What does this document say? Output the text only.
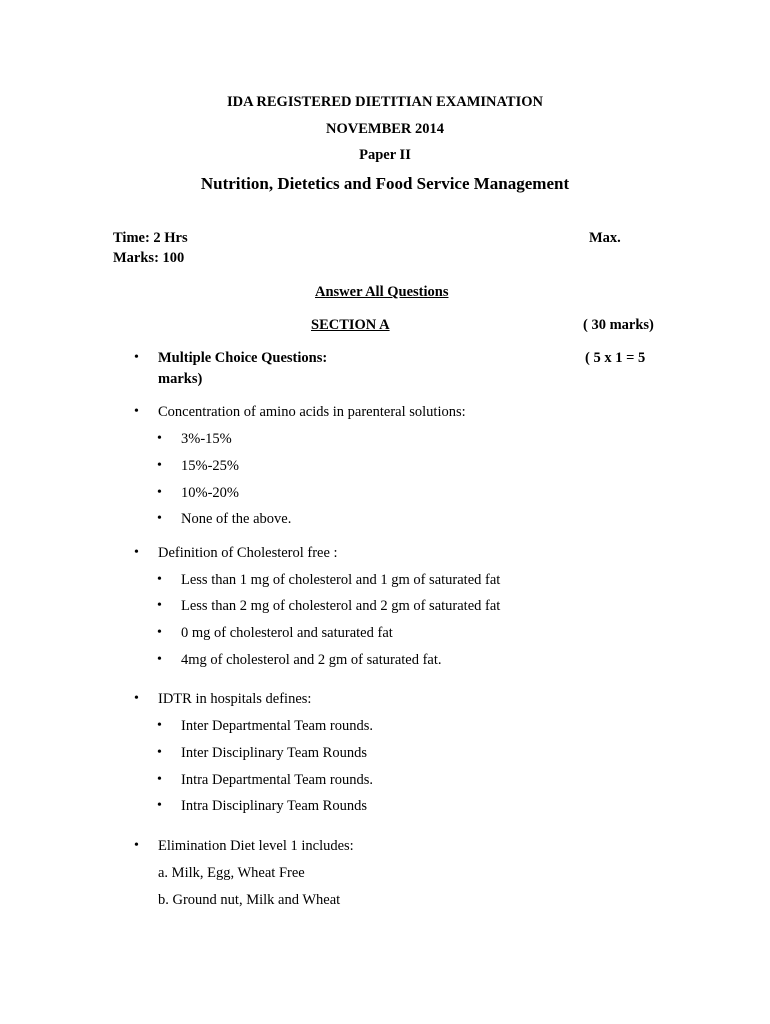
IDA REGISTERED DIETITIAN EXAMINATION
NOVEMBER 2014
Paper II
Nutrition, Dietetics and Food Service Management
Time: 2 Hrs	Max.
Marks: 100
Answer All Questions
SECTION A	( 30 marks)
• Multiple Choice Questions:	( 5 x 1 = 5
marks)
• Concentration of amino acids in parenteral solutions:
• 3%-15%
• 15%-25%
• 10%-20%
• None of the above.
• Definition of Cholesterol free :
• Less than 1 mg of cholesterol and 1 gm of saturated fat
• Less than 2 mg of cholesterol and 2 gm of saturated fat
• 0 mg of cholesterol and saturated fat
• 4mg of cholesterol and 2 gm of saturated fat.
• IDTR in hospitals defines:
• Inter Departmental Team rounds.
• Inter Disciplinary Team Rounds
• Intra Departmental Team rounds.
• Intra Disciplinary Team Rounds
• Elimination Diet level 1 includes:
a. Milk, Egg, Wheat Free
b. Ground nut, Milk and Wheat
